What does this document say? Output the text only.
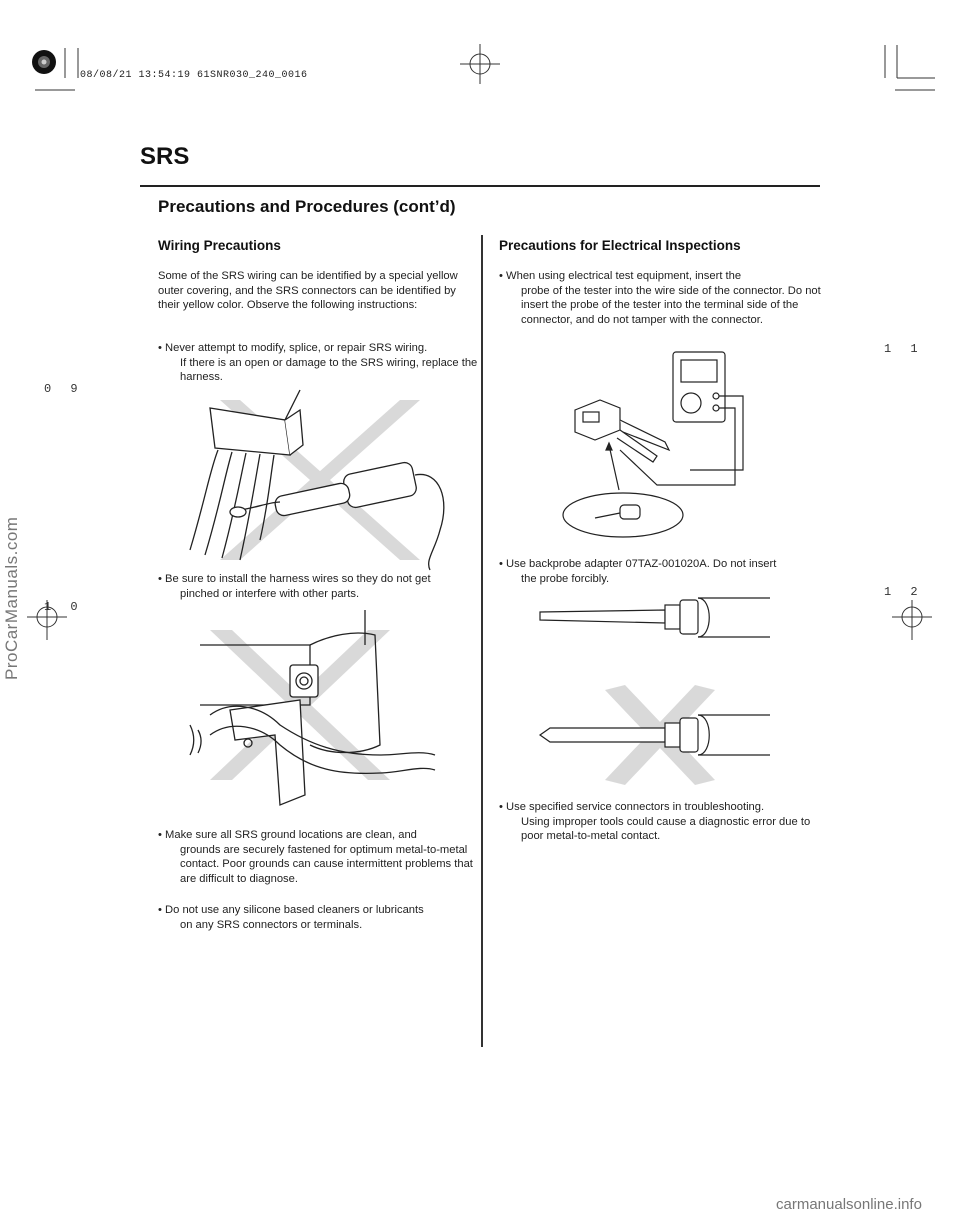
08/08/21 13:54:19 61SNR030_240_0016
SRS
Precautions and Procedures (cont’d)
Wiring Precautions
Some of the SRS wiring can be identified by a special yellow outer covering, and the SRS connectors can be identified by their yellow color. Observe the following instructions:
• Never attempt to modify, splice, or repair SRS wiring.
If there is an open or damage to the SRS wiring, replace the harness.
• Be sure to install the harness wires so they do not get
pinched or interfere with other parts.
• Make sure all SRS ground locations are clean, and
grounds are securely fastened for optimum metal-to-metal contact. Poor grounds can cause intermittent problems that are difficult to diagnose.
• Do not use any silicone based cleaners or lubricants
on any SRS connectors or terminals.
Precautions for Electrical Inspections
• When using electrical test equipment, insert the
probe of the tester into the wire side of the connector. Do not insert the probe of the tester into the terminal side of the connector, and do not tamper with the connector.
• Use backprobe adapter 07TAZ-001020A. Do not insert
the probe forcibly.
• Use specified service connectors in troubleshooting.
Using improper tools could cause a diagnostic error due to poor metal-to-metal contact.
0 9
1 0
1 1
1 2
ProCarManuals.com
carmanualsonline.info
